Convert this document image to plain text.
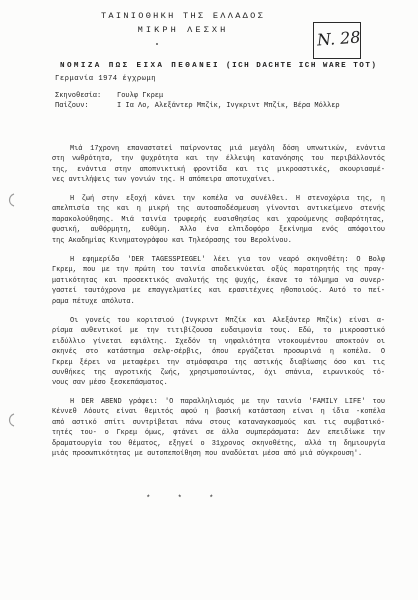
ΤΑΙΝΙΟΘΗΚΗ ΤΗΣ ΕΛΛΑΔΟΣ
ΜΙΚΡΗ ΛΕΣΧΗ	N. 28
ΝΟΜΙΖΑ ΠΩΣ ΕΙΧΑ ΠΕΘΑΝΕΙ (ICH DACHTE ICH WARE TOT)
Γερμανία 1974 έγχρωμη
Σκηνοθεσία: Γουλφ Γκρεμ
Παίζουν:	Ι Ια Λο, Αλεξάντερ Μπζίκ, Ινγκριντ Μπζίκ, Βέρα Μόλλερ
Μιά 17χρονη επαναστατεί παίρνοντας μιά μεγάλη δόση υπνωτικών, ενάντια
στη νωθρότητα, την ψυχρότητα και την έλλειψη κατανόησης του περιβάλλοντός
της, ενάντια στην αποπνικτική φροντίδα και τις μικροαστικές, σκουριασμέ-
νες αντιλήψεις των γονιών της. Η απόπειρα αποτυχαίνει.
Η ζωή στην εξοχή κάνει την κοπέλα να συνέλθει. Η στενοχώρια της, η
απελπισία της και η μικρή της αυτοαποδέσμευση γίνονται αντικείμενο στενής
παρακολούθησης. Μιά ταινία τρυφερής ευαισθησίας και χαρούμενης σοβαρότητας,
φυσική, αυθόρμητη, ευθύμη. Άλλο ένα ελπιδοφόρο ξεκίνημα ενός απόφοιτου
της Ακαδημίας Κινηματογράφου και Τηλεόρασης του Βερολίνου.
Η εφημερίδα 'DER TAGESSPIEGEL' λέει για τον νεαρό σκηνοθέτη: Ο Βολφ
Γκρεμ, που με την πρώτη του ταινία αποδεικνύεται οξύς παρατηρητής της πραγ-
ματικότητας και προσεκτικός αναλυτής της ψυχής, έκανε το τόλμημα να συνερ-
γαστεί ταυτόχρονα με επαγγελματίες και ερασιτέχνες ηθοποιούς. Αυτό το πεί-
ραμα πέτυχε απόλυτα.
Οι γονείς του κοριτσιού (Ινγκριντ Μπζίκ και Αλεξάντερ Μπζίκ) είναι α-
ρίσμα αυθεντικοί με την τιτιβίζουσα ευδαιμονία τους. Εδώ, το μικροαστικό
ειδύλλιο γίνεται εφιάλτης. Σχεδόν τη νηφαλιότητα ντοκουμέντου αποκτούν οι
σκηνές στο κατάστημα σελφ-σέρβις, όπου εργάζεται προσωρινά η κοπέλα. Ο
Γκρεμ ξέρει να μεταφέρει την ατμόσφαιρα της αστικής διαβίωσης όσο και τις
συνθήκες της αγροτικής ζωής, χρησιμοποιώντας, όχι σπάνια, ειρωνικούς τό-
νους σαν μέσο ξεσκεπάσματος.
Η DER ABEND γράφει: 'Ο παραλληλισμός με την ταινία 'FAMILY LIFE' του
Κέννεθ Λόουτς είναι θεμιτός αφού η βασική κατάσταση είναι η ίδια -κοπέλα
από αστικό σπίτι συντρίβεται πάνω στους καταναγκασμούς και τις συμβατικό-
τητές του- ο Γκρεμ όμως, φτάνει σε άλλα συμπεράσματα: Δεν επειδίωκε την
δραματουργία του θέματος, εξηγεί ο 31χρονος σκηνοθέτης, αλλά τη δημιουργία
μιάς προσωπικότητας με αυτοπεποίθηση που αναδύεται μέσα από μιά σύγκρουση'.
*      *      *
